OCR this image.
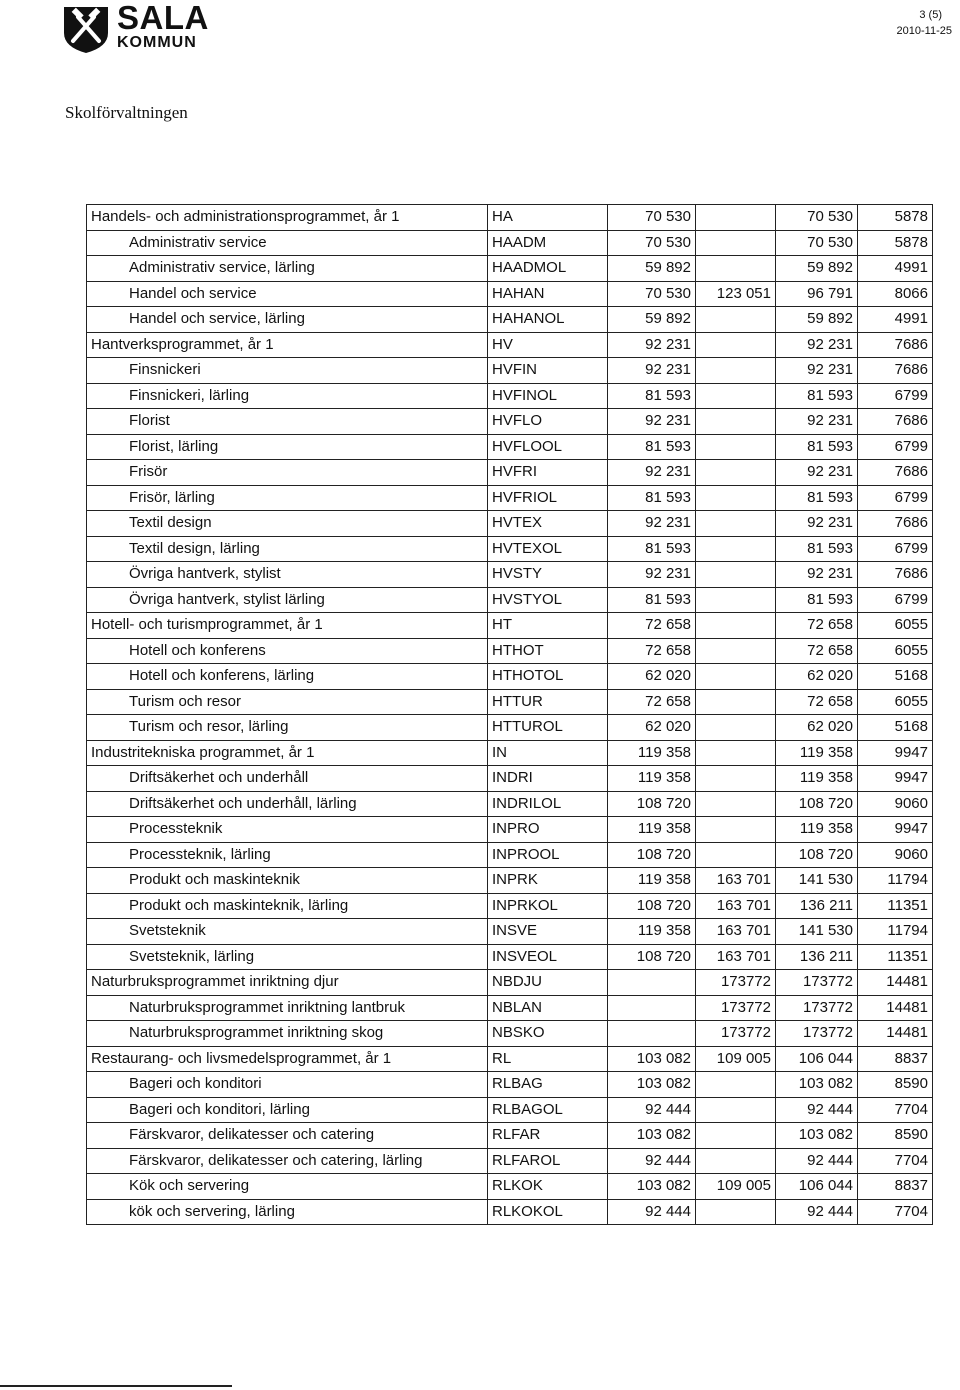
SALA
KOMMUN
3 (5)
2010-11-25
Skolförvaltningen
Handels- och administrationsprogrammet, år 1	HA	70 530		70 530	5878
Administrativ service	HAADM	70 530		70 530	5878
Administrativ service, lärling	HAADMOL	59 892		59 892	4991
Handel och service	HAHAN	70 530	123 051	96 791	8066
Handel och service, lärling	HAHANOL	59 892		59 892	4991
Hantverksprogrammet, år 1	HV	92 231		92 231	7686
Finsnickeri	HVFIN	92 231		92 231	7686
Finsnickeri, lärling	HVFINOL	81 593		81 593	6799
Florist	HVFLO	92 231		92 231	7686
Florist, lärling	HVFLOOL	81 593		81 593	6799
Frisör	HVFRI	92 231		92 231	7686
Frisör, lärling	HVFRIOL	81 593		81 593	6799
Textil design	HVTEX	92 231		92 231	7686
Textil design, lärling	HVTEXOL	81 593		81 593	6799
Övriga hantverk, stylist	HVSTY	92 231		92 231	7686
Övriga hantverk, stylist lärling	HVSTYOL	81 593		81 593	6799
Hotell- och turismprogrammet, år 1	HT	72 658		72 658	6055
Hotell och konferens	HTHOT	72 658		72 658	6055
Hotell och konferens, lärling	HTHOTOL	62 020		62 020	5168
Turism och resor	HTTUR	72 658		72 658	6055
Turism och resor, lärling	HTTUROL	62 020		62 020	5168
Industritekniska programmet, år 1	IN	119 358		119 358	9947
Driftsäkerhet och underhåll	INDRI	119 358		119 358	9947
Driftsäkerhet och underhåll, lärling	INDRILOL	108 720		108 720	9060
Processteknik	INPRO	119 358		119 358	9947
Processteknik, lärling	INPROOL	108 720		108 720	9060
Produkt och maskinteknik	INPRK	119 358	163 701	141 530	11794
Produkt och maskinteknik, lärling	INPRKOL	108 720	163 701	136 211	11351
Svetsteknik	INSVE	119 358	163 701	141 530	11794
Svetsteknik, lärling	INSVEOL	108 720	163 701	136 211	11351
Naturbruksprogrammet inriktning djur	NBDJU		173772	173772	14481
Naturbruksprogrammet inriktning lantbruk	NBLAN		173772	173772	14481
Naturbruksprogrammet inriktning skog	NBSKO		173772	173772	14481
Restaurang- och livsmedelsprogrammet, år 1	RL	103 082	109 005	106 044	8837
Bageri och konditori	RLBAG	103 082		103 082	8590
Bageri och konditori, lärling	RLBAGOL	92 444		92 444	7704
Färskvaror, delikatesser och catering	RLFAR	103 082		103 082	8590
Färskvaror, delikatesser och catering, lärling	RLFAROL	92 444		92 444	7704
Kök och servering	RLKOK	103 082	109 005	106 044	8837
kök och servering, lärling	RLKOKOL	92 444		92 444	7704
